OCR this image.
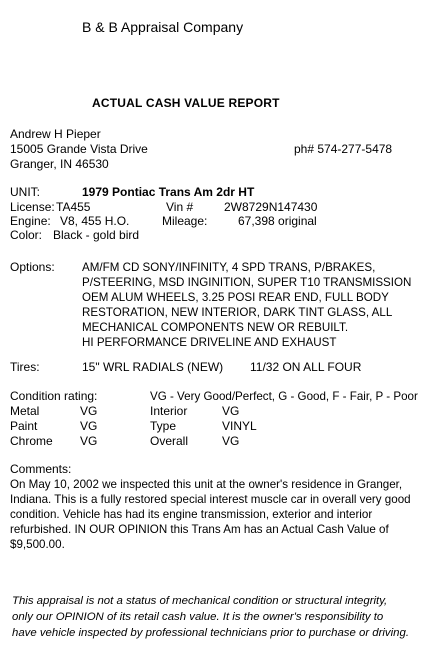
B & B Appraisal Company
ACTUAL CASH VALUE REPORT
Andrew H Pieper
15005 Grande Vista Drive
Granger, IN 46530
ph# 574-277-5478
UNIT:	1979 Pontiac Trans Am 2dr HT
License: TA455	Vin #	2W8729N147430
Engine: V8, 455 H.O.	Mileage:	67,398 original
Color: Black - gold bird
Options: AM/FM CD SONY/INFINITY, 4 SPD TRANS, P/BRAKES,
P/STEERING, MSD INGINITION, SUPER T10 TRANSMISSION
OEM ALUM WHEELS, 3.25 POSI REAR END, FULL BODY
RESTORATION, NEW INTERIOR, DARK TINT GLASS, ALL
MECHANICAL COMPONENTS NEW OR REBUILT.
HI PERFORMANCE DRIVELINE AND EXHAUST
Tires:	15" WRL RADIALS (NEW) 11/32 ON ALL FOUR
Condition rating:	VG - Very Good/Perfect, G - Good, F - Fair, P - Poor
Metal	VG	Interior	VG
Paint	VG	Type	VINYL
Chrome VG	Overall	VG
Comments:
On May 10, 2002 we inspected this unit at the owner's residence in Granger,
Indiana. This is a fully restored special interest muscle car in overall very good
condition. Vehicle has had its engine transmission, exterior and interior
refurbished. IN OUR OPINION this Trans Am has an Actual Cash Value of
$9,500.00.
This appraisal is not a status of mechanical condition or structural integrity,
only our OPINION of its retail cash value. It is the owner's responsibility to
have vehicle inspected by professional technicians prior to purchase or driving.
